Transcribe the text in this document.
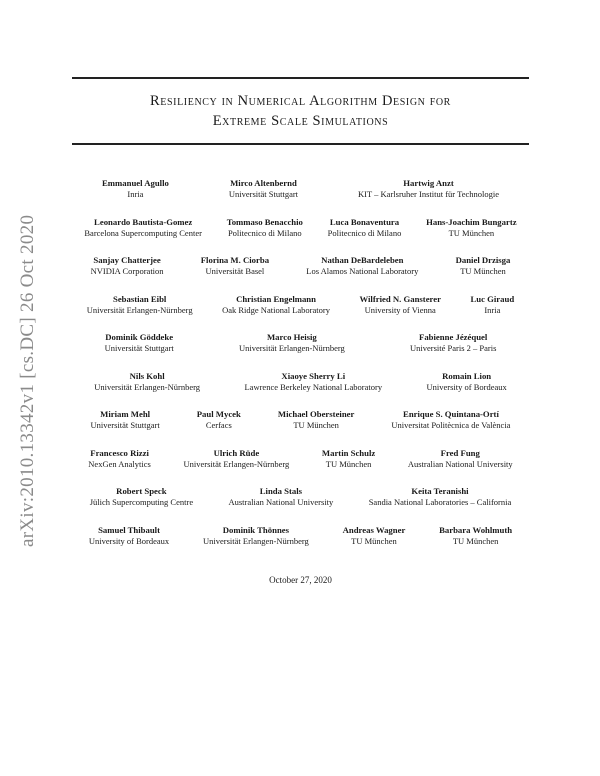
arXiv:2010.13342v1 [cs.DC] 26 Oct 2020
Resiliency in Numerical Algorithm Design for
Extreme Scale Simulations
Emmanuel Agullo
Inria
Mirco Altenbernd
Universität Stuttgart
Hartwig Anzt
KIT – Karlsruher Institut für Technologie
Leonardo Bautista-Gomez
Barcelona Supercomputing Center
Tommaso Benacchio
Politecnico di Milano
Luca Bonaventura
Politecnico di Milano
Hans-Joachim Bungartz
TU München
Sanjay Chatterjee
NVIDIA Corporation
Florina M. Ciorba
Universität Basel
Nathan DeBardeleben
Los Alamos National Laboratory
Daniel Drzisga
TU München
Sebastian Eibl
Universität Erlangen-Nürnberg
Christian Engelmann
Oak Ridge National Laboratory
Wilfried N. Gansterer
University of Vienna
Luc Giraud
Inria
Dominik Göddeke
Universität Stuttgart
Marco Heisig
Universität Erlangen-Nürnberg
Fabienne Jézéquel
Université Paris 2 – Paris
Nils Kohl
Universität Erlangen-Nürnberg
Xiaoye Sherry Li
Lawrence Berkeley National Laboratory
Romain Lion
University of Bordeaux
Miriam Mehl
Universität Stuttgart
Paul Mycek
Cerfacs
Michael Obersteiner
TU München
Enrique S. Quintana-Ortí
Universitat Politècnica de València
Francesco Rizzi
NexGen Analytics
Ulrich Rüde
Universität Erlangen-Nürnberg
Martin Schulz
TU München
Fred Fung
Australian National University
Robert Speck
Jülich Supercomputing Centre
Linda Stals
Australian National University
Keita Teranishi
Sandia National Laboratories – California
Samuel Thibault
University of Bordeaux
Dominik Thönnes
Universität Erlangen-Nürnberg
Andreas Wagner
TU München
Barbara Wohlmuth
TU München
October 27, 2020
